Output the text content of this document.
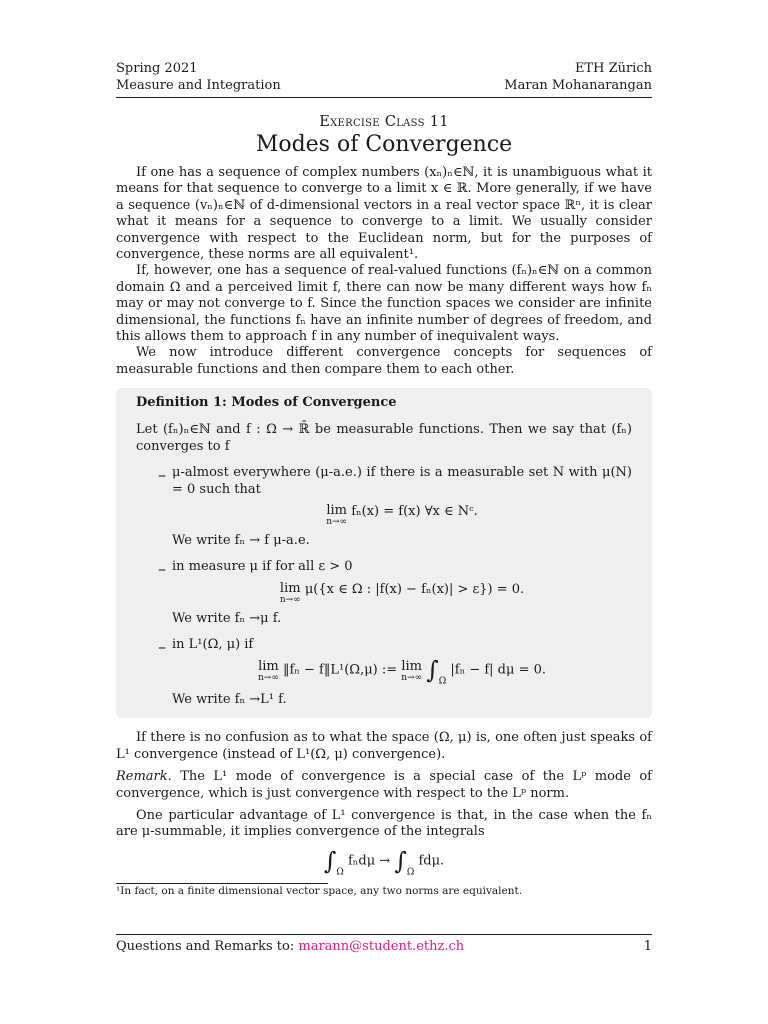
Spring 2021	ETH Zürich
Measure and Integration	Maran Mohanarangan
Exercise Class 11
Modes of Convergence

If one has a sequence of complex numbers (xₙ)ₙ∈ℕ, it is unambiguous what it means for that sequence to converge to a limit x ∈ ℝ. More generally, if we have a sequence (vₙ)ₙ∈ℕ of d-dimensional vectors in a real vector space ℝⁿ, it is clear what it means for a sequence to converge to a limit. We usually consider convergence with respect to the Euclidean norm, but for the purposes of convergence, these norms are all equivalent¹.

If, however, one has a sequence of real-valued functions (fₙ)ₙ∈ℕ on a common domain Ω and a perceived limit f, there can now be many different ways how fₙ may or may not converge to f. Since the function spaces we consider are infinite dimensional, the functions fₙ have an infinite number of degrees of freedom, and this allows them to approach f in any number of inequivalent ways.

We now introduce different convergence concepts for sequences of measurable functions and then compare them to each other.

Definition 1: Modes of Convergence

Let (fₙ)ₙ∈ℕ and f : Ω → ℝ̄ be measurable functions. Then we say that (fₙ) converges to f

– μ-almost everywhere (μ-a.e.) if there is a measurable set N with μ(N) = 0 such that

lim
n→∞
fₙ(x) = f(x) ∀x ∈ Nᶜ.

We write fₙ → f μ-a.e.

– in measure μ if for all ε > 0

lim
n→∞
μ({x ∈ Ω : |f(x) − fₙ(x)| > ε}) = 0.

We write fₙ →μ f.

– in L¹(Ω, μ) if

lim
n→∞
‖fₙ − f‖L¹(Ω,μ) := lim
n→∞ $\int_\Omega$ |fₙ − f| dμ = 0.

We write fₙ →L¹ f.

If there is no confusion as to what the space (Ω, μ) is, one often just speaks of L¹ convergence (instead of L¹(Ω, μ) convergence).

Remark. The L¹ mode of convergence is a special case of the Lᵖ mode of convergence, which is just convergence with respect to the Lᵖ norm.

One particular advantage of L¹ convergence is that, in the case when the fₙ are μ-summable, it implies convergence of the integrals

$\int_\Omega$ $f_nd\mu \to \int_\Omega$ fdμ.
¹In fact, on a finite dimensional vector space, any two norms are equivalent.
Questions and Remarks to: marann@student.ethz.ch	1
